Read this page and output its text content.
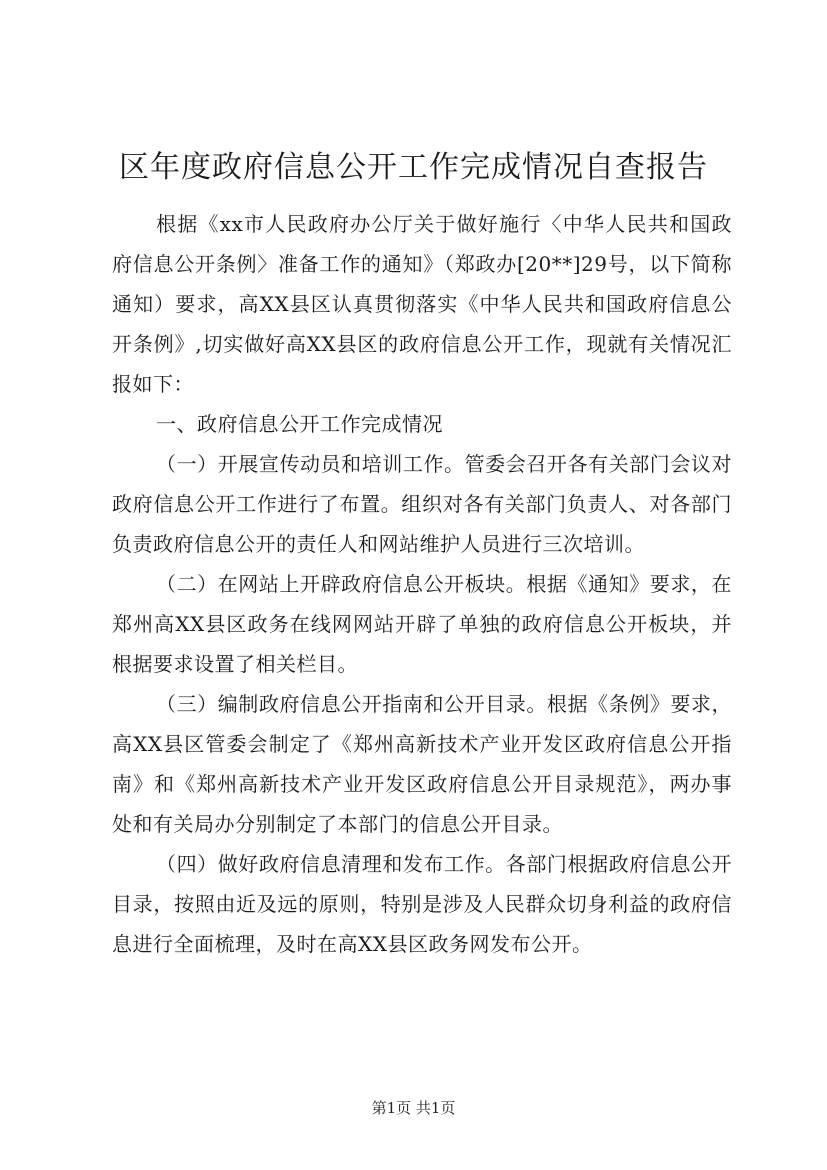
区年度政府信息公开工作完成情况自查报告

根据《xx市人民政府办公厅关于做好施行〈中华人民共和国政府信息公开条例〉准备工作的通知》（郑政办[20**]29号，以下简称通知）要求，高XX县区认真贯彻落实《中华人民共和国政府信息公开条例》,切实做好高XX县区的政府信息公开工作，现就有关情况汇报如下：

一、政府信息公开工作完成情况

（一）开展宣传动员和培训工作。管委会召开各有关部门会议对政府信息公开工作进行了布置。组织对各有关部门负责人、对各部门负责政府信息公开的责任人和网站维护人员进行三次培训。

（二）在网站上开辟政府信息公开板块。根据《通知》要求，在郑州高XX县区政务在线网网站开辟了单独的政府信息公开板块，并根据要求设置了相关栏目。

（三）编制政府信息公开指南和公开目录。根据《条例》要求，高XX县区管委会制定了《郑州高新技术产业开发区政府信息公开指南》和《郑州高新技术产业开发区政府信息公开目录规范》，两办事处和有关局办分别制定了本部门的信息公开目录。

（四）做好政府信息清理和发布工作。各部门根据政府信息公开目录，按照由近及远的原则，特别是涉及人民群众切身利益的政府信息进行全面梳理，及时在高XX县区政务网发布公开。

第1页 共1页
